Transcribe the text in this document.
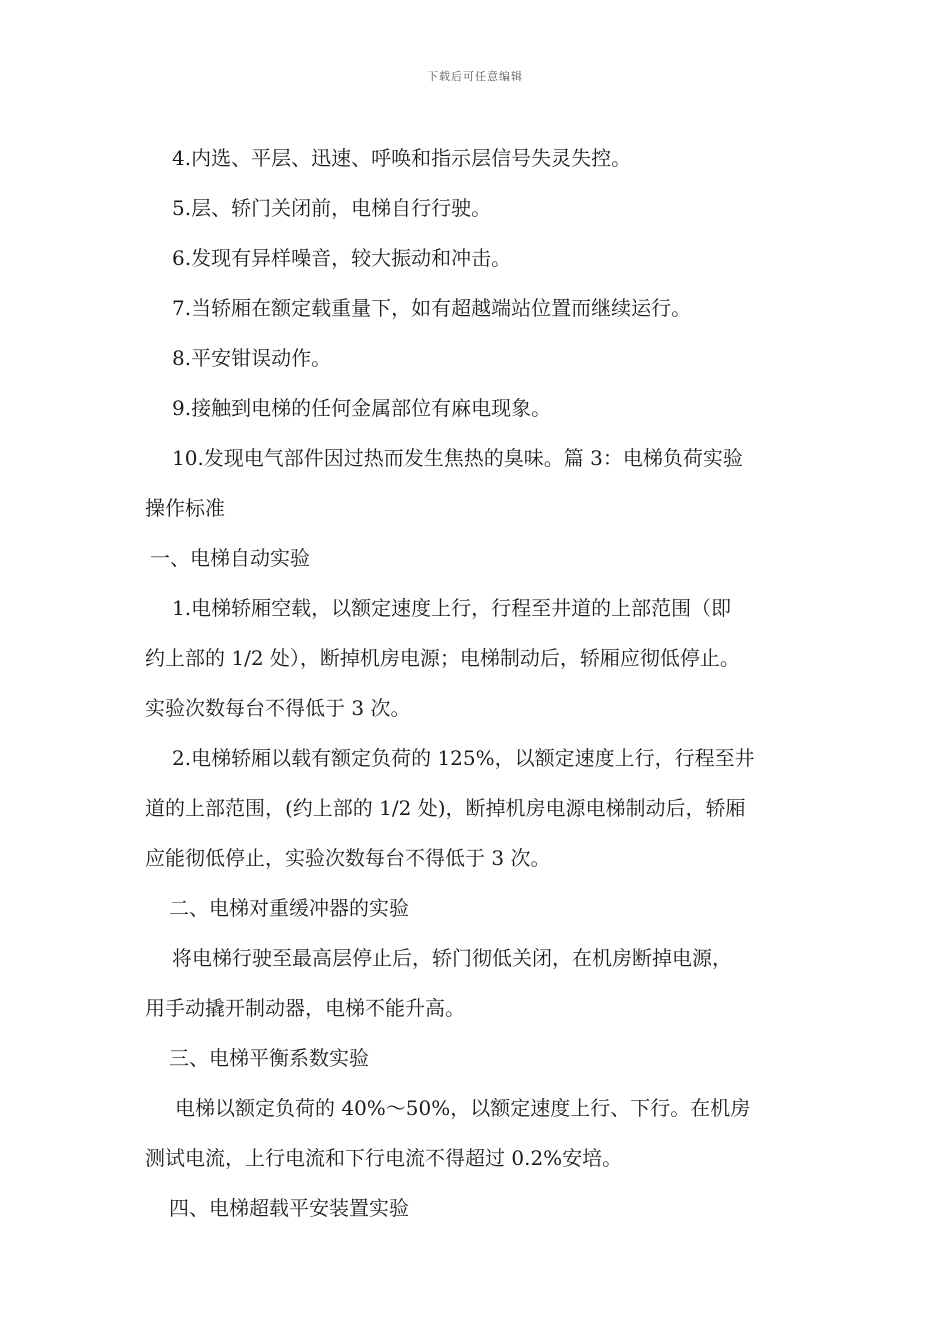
下载后可任意编辑

4.内选、平层、迅速、呼唤和指示层信号失灵失控。

5.层、轿门关闭前，电梯自行行驶。

6.发现有异样噪音，较大振动和冲击。

7.当轿厢在额定载重量下，如有超越端站位置而继续运行。

8.平安钳误动作。

9.接触到电梯的任何金属部位有麻电现象。

10.发现电气部件因过热而发生焦热的臭味。篇 3：电梯负荷实验

操作标准

一、电梯自动实验

1.电梯轿厢空载，以额定速度上行，行程至井道的上部范围（即

约上部的 1/2 处），断掉机房电源；电梯制动后，轿厢应彻低停止。

实验次数每台不得低于 3 次。

2.电梯轿厢以载有额定负荷的 125%，以额定速度上行，行程至井

道的上部范围，(约上部的 1/2 处)，断掉机房电源电梯制动后，轿厢

应能彻低停止，实验次数每台不得低于 3 次。

二、电梯对重缓冲器的实验

将电梯行驶至最高层停止后，轿门彻低关闭，在机房断掉电源，

用手动撬开制动器，电梯不能升高。

三、电梯平衡系数实验

电梯以额定负荷的 40%～50%，以额定速度上行、下行。在机房

测试电流，上行电流和下行电流不得超过 0.2%安培。

四、电梯超载平安装置实验
